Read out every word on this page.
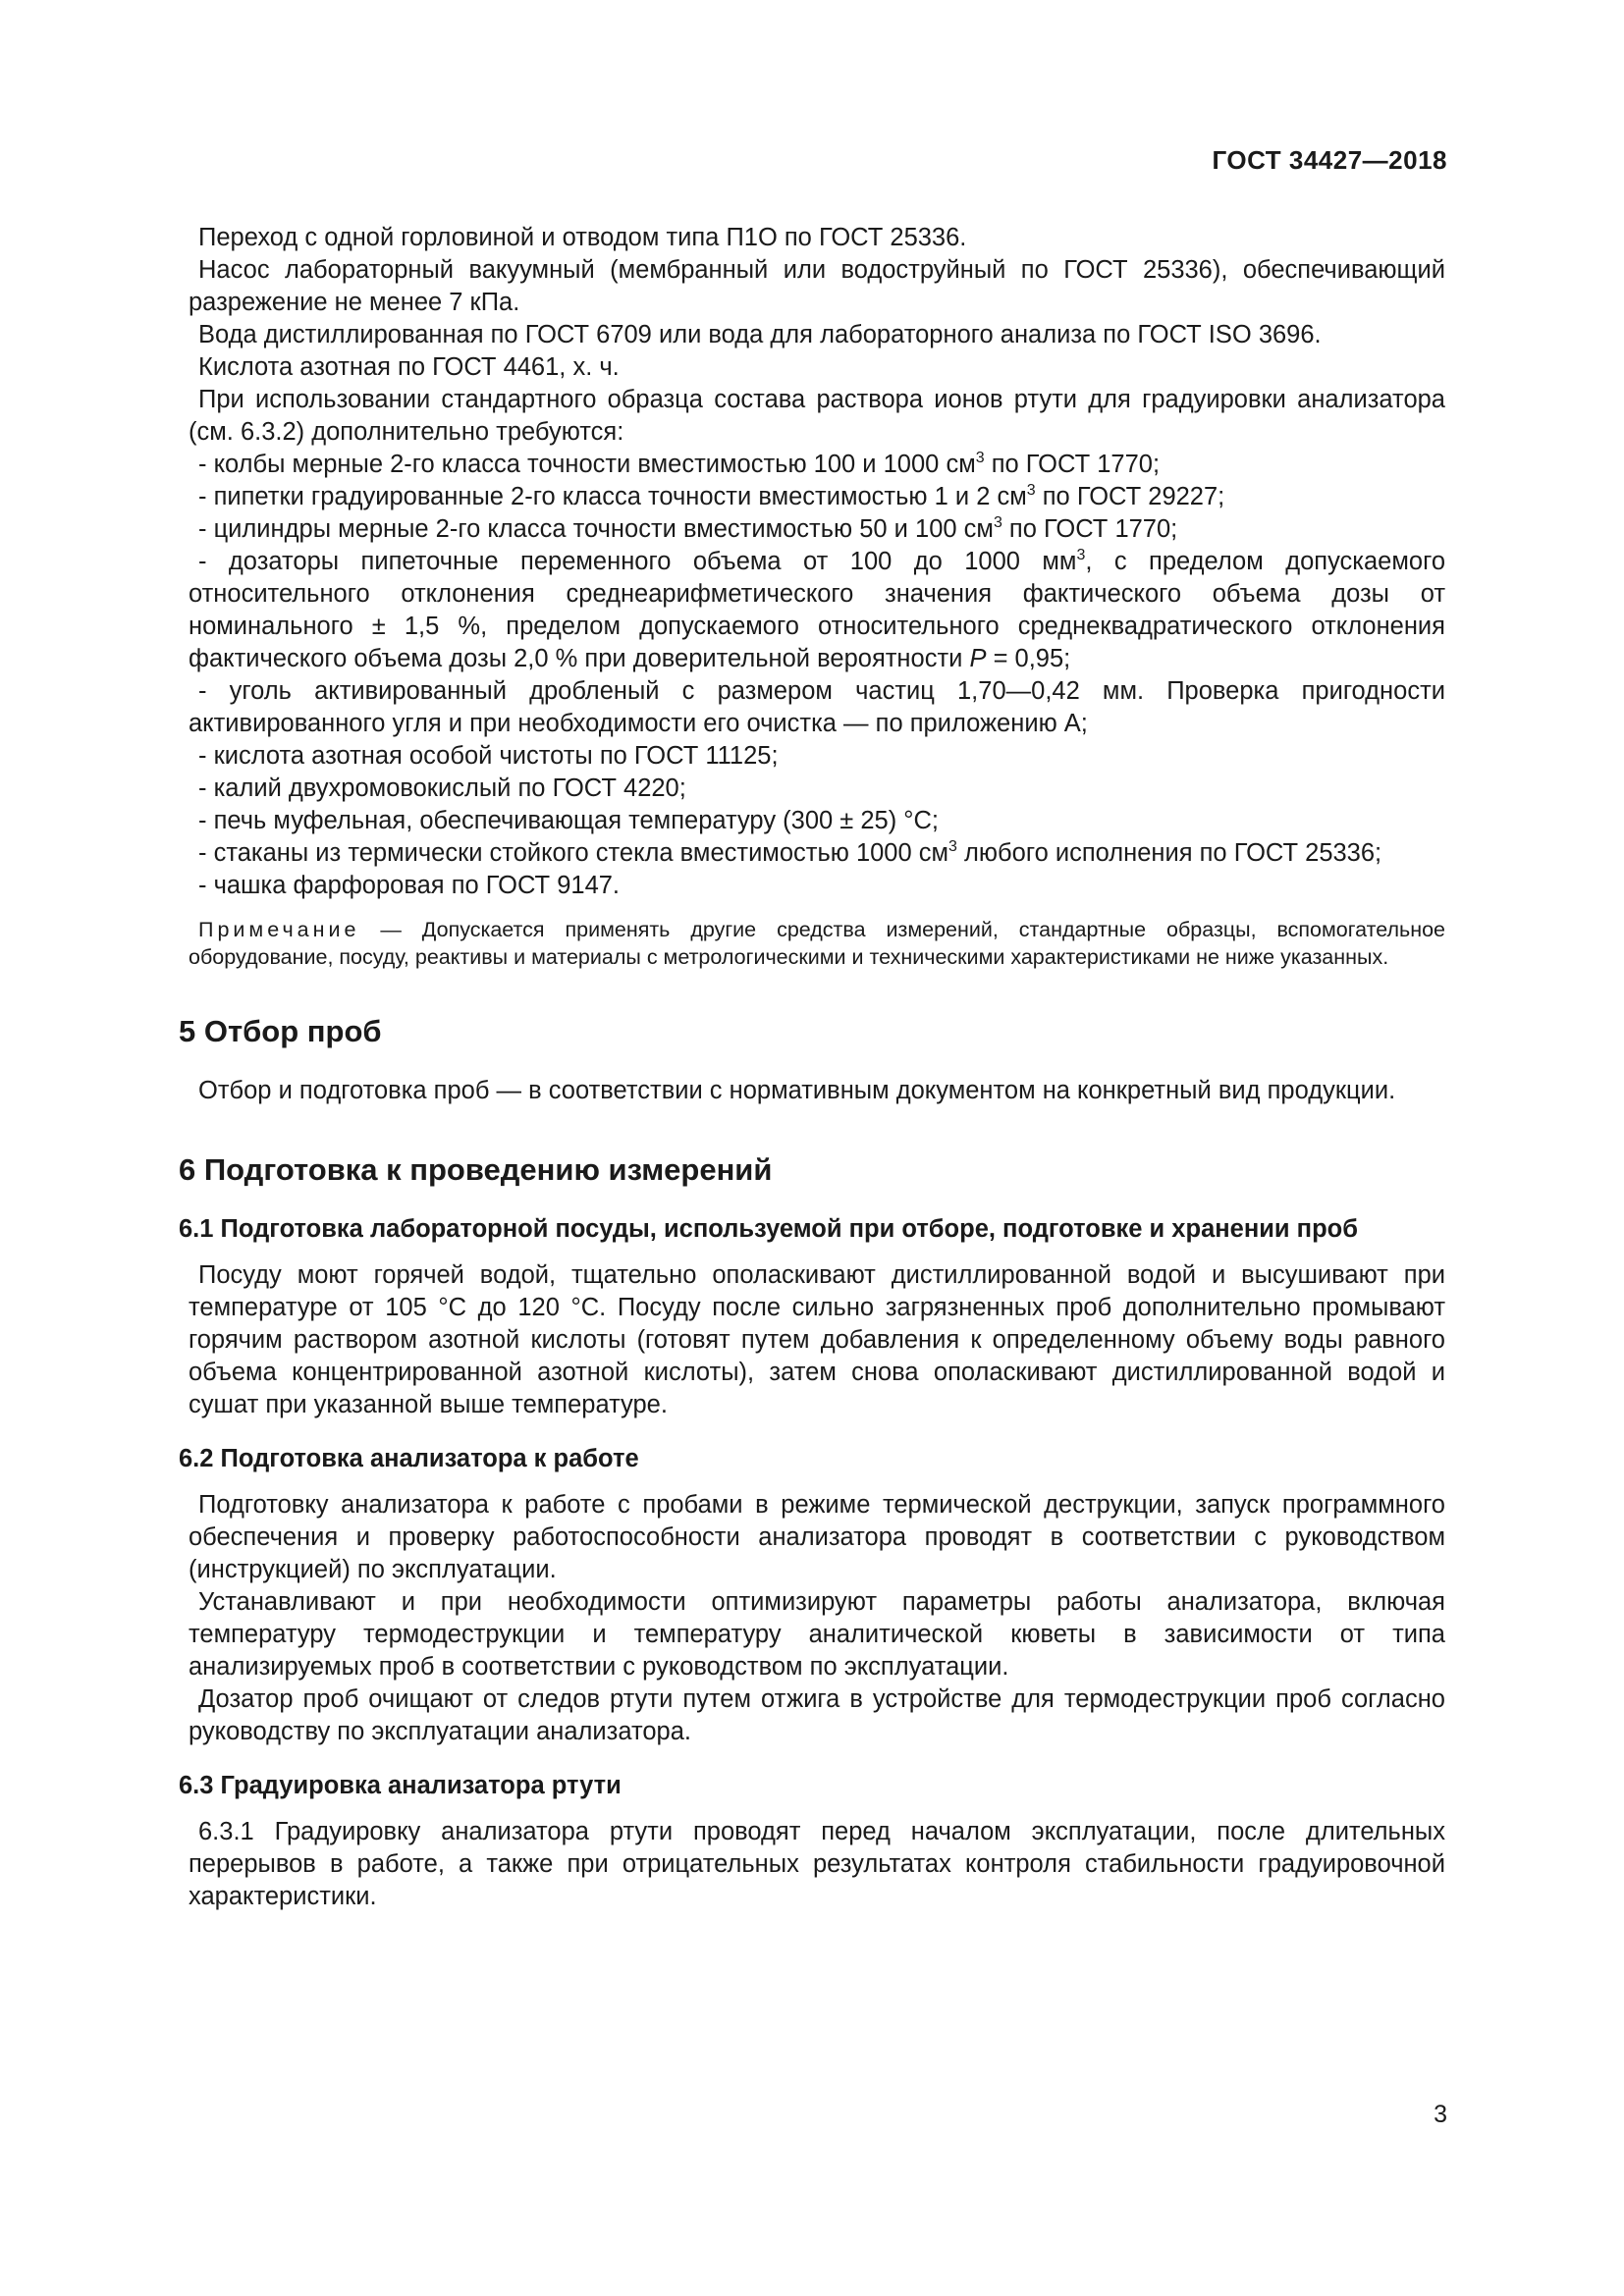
ГОСТ 34427—2018

Переход с одной горловиной и отводом типа П1О по ГОСТ 25336.

Насос лабораторный вакуумный (мембранный или водоструйный по ГОСТ 25336), обеспечивающий разрежение не менее 7 кПа.

Вода дистиллированная по ГОСТ 6709 или вода для лабораторного анализа по ГОСТ ISO 3696.

Кислота азотная по ГОСТ 4461, х. ч.

При использовании стандартного образца состава раствора ионов ртути для градуировки анализатора (см. 6.3.2) дополнительно требуются:

- колбы мерные 2-го класса точности вместимостью 100 и 1000 $см^3$ по ГОСТ 1770;

- пипетки градуированные 2-го класса точности вместимостью 1 и 2 $см^3$ по ГОСТ 29227;

- цилиндры мерные 2-го класса точности вместимостью 50 и 100 $см^3$ по ГОСТ 1770;

- дозаторы пипеточные переменного объема от 100 до 1000 $мм^3$, с пределом допускаемого относительного отклонения среднеарифметического значения фактического объема дозы от номинального ± 1,5 %, пределом допускаемого относительного среднеквадратического отклонения фактического объема дозы 2,0 % при доверительной вероятности P = 0,95;

- уголь активированный дробленый с размером частиц 1,70—0,42 мм. Проверка пригодности активированного угля и при необходимости его очистка — по приложению А;

- кислота азотная особой чистоты по ГОСТ 11125;

- калий двухромовокислый по ГОСТ 4220;

- печь муфельная, обеспечивающая температуру (300 ± 25) °С;

- стаканы из термически стойкого стекла вместимостью 1000 $см^3$ любого исполнения по ГОСТ 25336;

- чашка фарфоровая по ГОСТ 9147.

Примечание — Допускается применять другие средства измерений, стандартные образцы, вспомогательное оборудование, посуду, реактивы и материалы с метрологическими и техническими характеристиками не ниже указанных.

5 Отбор проб

Отбор и подготовка проб — в соответствии с нормативным документом на конкретный вид продукции.

6 Подготовка к проведению измерений
6.1 Подготовка лабораторной посуды, используемой при отборе, подготовке и хранении проб

Посуду моют горячей водой, тщательно ополаскивают дистиллированной водой и высушивают при температуре от 105 °С до 120 °С. Посуду после сильно загрязненных проб дополнительно промывают горячим раствором азотной кислоты (готовят путем добавления к определенному объему воды равного объема концентрированной азотной кислоты), затем снова ополаскивают дистиллированной водой и сушат при указанной выше температуре.

6.2 Подготовка анализатора к работе

Подготовку анализатора к работе с пробами в режиме термической деструкции, запуск программного обеспечения и проверку работоспособности анализатора проводят в соответствии с руководством (инструкцией) по эксплуатации.

Устанавливают и при необходимости оптимизируют параметры работы анализатора, включая температуру термодеструкции и температуру аналитической кюветы в зависимости от типа анализируемых проб в соответствии с руководством по эксплуатации.

Дозатор проб очищают от следов ртути путем отжига в устройстве для термодеструкции проб согласно руководству по эксплуатации анализатора.

6.3 Градуировка анализатора ртути

6.3.1 Градуировку анализатора ртути проводят перед началом эксплуатации, после длительных перерывов в работе, а также при отрицательных результатах контроля стабильности градуировочной характеристики.

3
